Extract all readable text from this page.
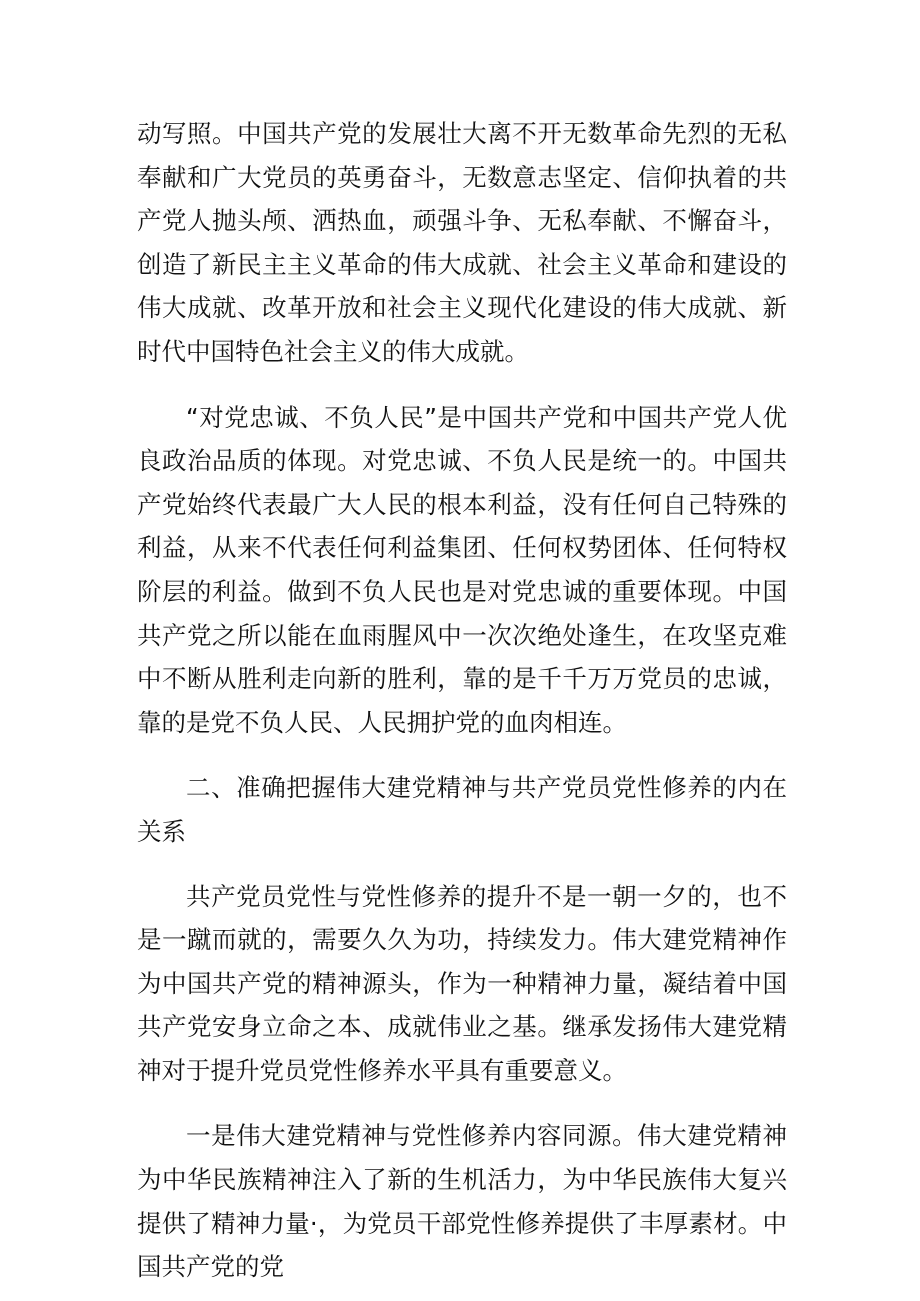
动写照。中国共产党的发展壮大离不开无数革命先烈的无私奉献和广大党员的英勇奋斗，无数意志坚定、信仰执着的共产党人抛头颅、洒热血，顽强斗争、无私奉献、不懈奋斗，创造了新民主主义革命的伟大成就、社会主义革命和建设的伟大成就、改革开放和社会主义现代化建设的伟大成就、新时代中国特色社会主义的伟大成就。

“对党忠诚、不负人民”是中国共产党和中国共产党人优良政治品质的体现。对党忠诚、不负人民是统一的。中国共产党始终代表最广大人民的根本利益，没有任何自己特殊的利益，从来不代表任何利益集团、任何权势团体、任何特权阶层的利益。做到不负人民也是对党忠诚的重要体现。中国共产党之所以能在血雨腥风中一次次绝处逢生，在攻坚克难中不断从胜利走向新的胜利，靠的是千千万万党员的忠诚，靠的是党不负人民、人民拥护党的血肉相连。

二、准确把握伟大建党精神与共产党员党性修养的内在关系

共产党员党性与党性修养的提升不是一朝一夕的，也不是一蹴而就的，需要久久为功，持续发力。伟大建党精神作为中国共产党的精神源头，作为一种精神力量，凝结着中国共产党安身立命之本、成就伟业之基。继承发扬伟大建党精神对于提升党员党性修养水平具有重要意义。

一是伟大建党精神与党性修养内容同源。伟大建党精神为中华民族精神注入了新的生机活力，为中华民族伟大复兴提供了精神力量·，为党员干部党性修养提供了丰厚素材。中国共产党的党
